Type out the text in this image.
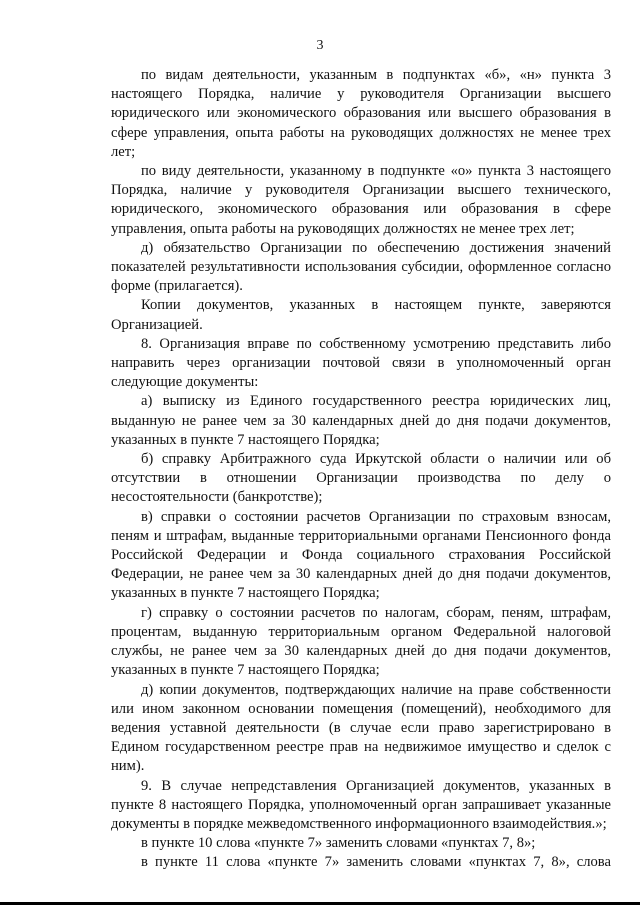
3

по видам деятельности, указанным в подпунктах «б», «н» пункта 3 настоящего Порядка, наличие у руководителя Организации высшего юридического или экономического образования или высшего образования в сфере управления, опыта работы на руководящих должностях не менее трех лет;

по виду деятельности, указанному в подпункте «о» пункта 3 настоящего Порядка, наличие у руководителя Организации высшего технического, юридического, экономического образования или образования в сфере управления, опыта работы на руководящих должностях не менее трех лет;

д) обязательство Организации по обеспечению достижения значений показателей результативности использования субсидии, оформленное согласно форме (прилагается).

Копии документов, указанных в настоящем пункте, заверяются Организацией.

8. Организация вправе по собственному усмотрению представить либо направить через организации почтовой связи в уполномоченный орган следующие документы:

а) выписку из Единого государственного реестра юридических лиц, выданную не ранее чем за 30 календарных дней до дня подачи документов, указанных в пункте 7 настоящего Порядка;

б) справку Арбитражного суда Иркутской области о наличии или об отсутствии в отношении Организации производства по делу о несостоятельности (банкротстве);

в) справки о состоянии расчетов Организации по страховым взносам, пеням и штрафам, выданные территориальными органами Пенсионного фонда Российской Федерации и Фонда социального страхования Российской Федерации, не ранее чем за 30 календарных дней до дня подачи документов, указанных в пункте 7 настоящего Порядка;

г) справку о состоянии расчетов по налогам, сборам, пеням, штрафам, процентам, выданную территориальным органом Федеральной налоговой службы, не ранее чем за 30 календарных дней до дня подачи документов, указанных в пункте 7 настоящего Порядка;

д) копии документов, подтверждающих наличие на праве собственности или ином законном основании помещения (помещений), необходимого для ведения уставной деятельности (в случае если право зарегистрировано в Едином государственном реестре прав на недвижимое имущество и сделок с ним).

9. В случае непредставления Организацией документов, указанных в пункте 8 настоящего Порядка, уполномоченный орган запрашивает указанные документы в порядке межведомственного информационного взаимодействия.»;

в пункте 10 слова «пункте 7» заменить словами «пунктах 7, 8»;

в пункте 11 слова «пункте 7» заменить словами «пунктах 7, 8», слова
